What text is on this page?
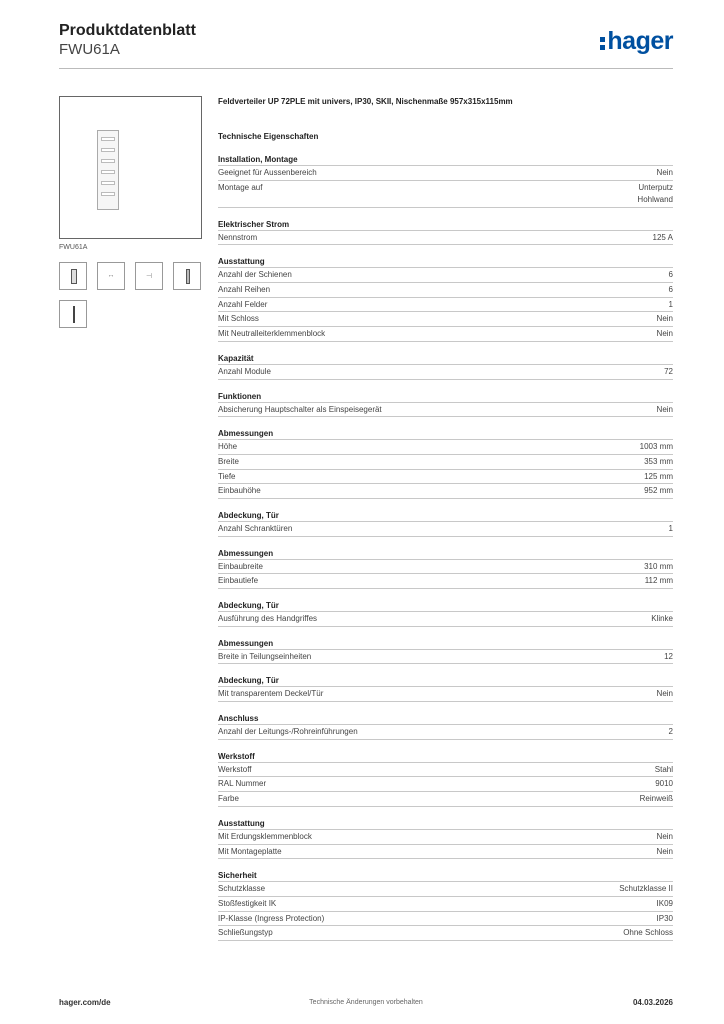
Produktdatenblatt
FWU61A	hager
FWU61A
↔	⊣
Feldverteiler UP 72PLE mit univers, IP30, SKII, Nischenmaße 957x315x115mm
Technische Eigenschaften
Installation, Montage
Geeignet für Aussenbereich	Nein
Montage auf	Unterputz
Hohlwand
Elektrischer Strom
Nennstrom	125 A
Ausstattung
Anzahl der Schienen	6
Anzahl Reihen	6
Anzahl Felder	1
Mit Schloss	Nein
Mit Neutralleiterklemmenblock	Nein
Kapazität
Anzahl Module	72
Funktionen
Absicherung Hauptschalter als Einspeisegerät	Nein
Abmessungen
Höhe	1003 mm
Breite	353 mm
Tiefe	125 mm
Einbauhöhe	952 mm
Abdeckung, Tür
Anzahl Schranktüren	1
Abmessungen
Einbaubreite	310 mm
Einbautiefe	112 mm
Abdeckung, Tür
Ausführung des Handgriffes	Klinke
Abmessungen
Breite in Teilungseinheiten	12
Abdeckung, Tür
Mit transparentem Deckel/Tür	Nein
Anschluss
Anzahl der Leitungs-/Rohreinführungen	2
Werkstoff
Werkstoff	Stahl
RAL Nummer	9010
Farbe	Reinweiß
Ausstattung
Mit Erdungsklemmenblock	Nein
Mit Montageplatte	Nein
Sicherheit
Schutzklasse	Schutzklasse II
Stoßfestigkeit IK	IK09
IP-Klasse (Ingress Protection)	IP30
Schließungstyp	Ohne Schloss
hager.com/de	Technische Änderungen vorbehalten	04.03.2026
